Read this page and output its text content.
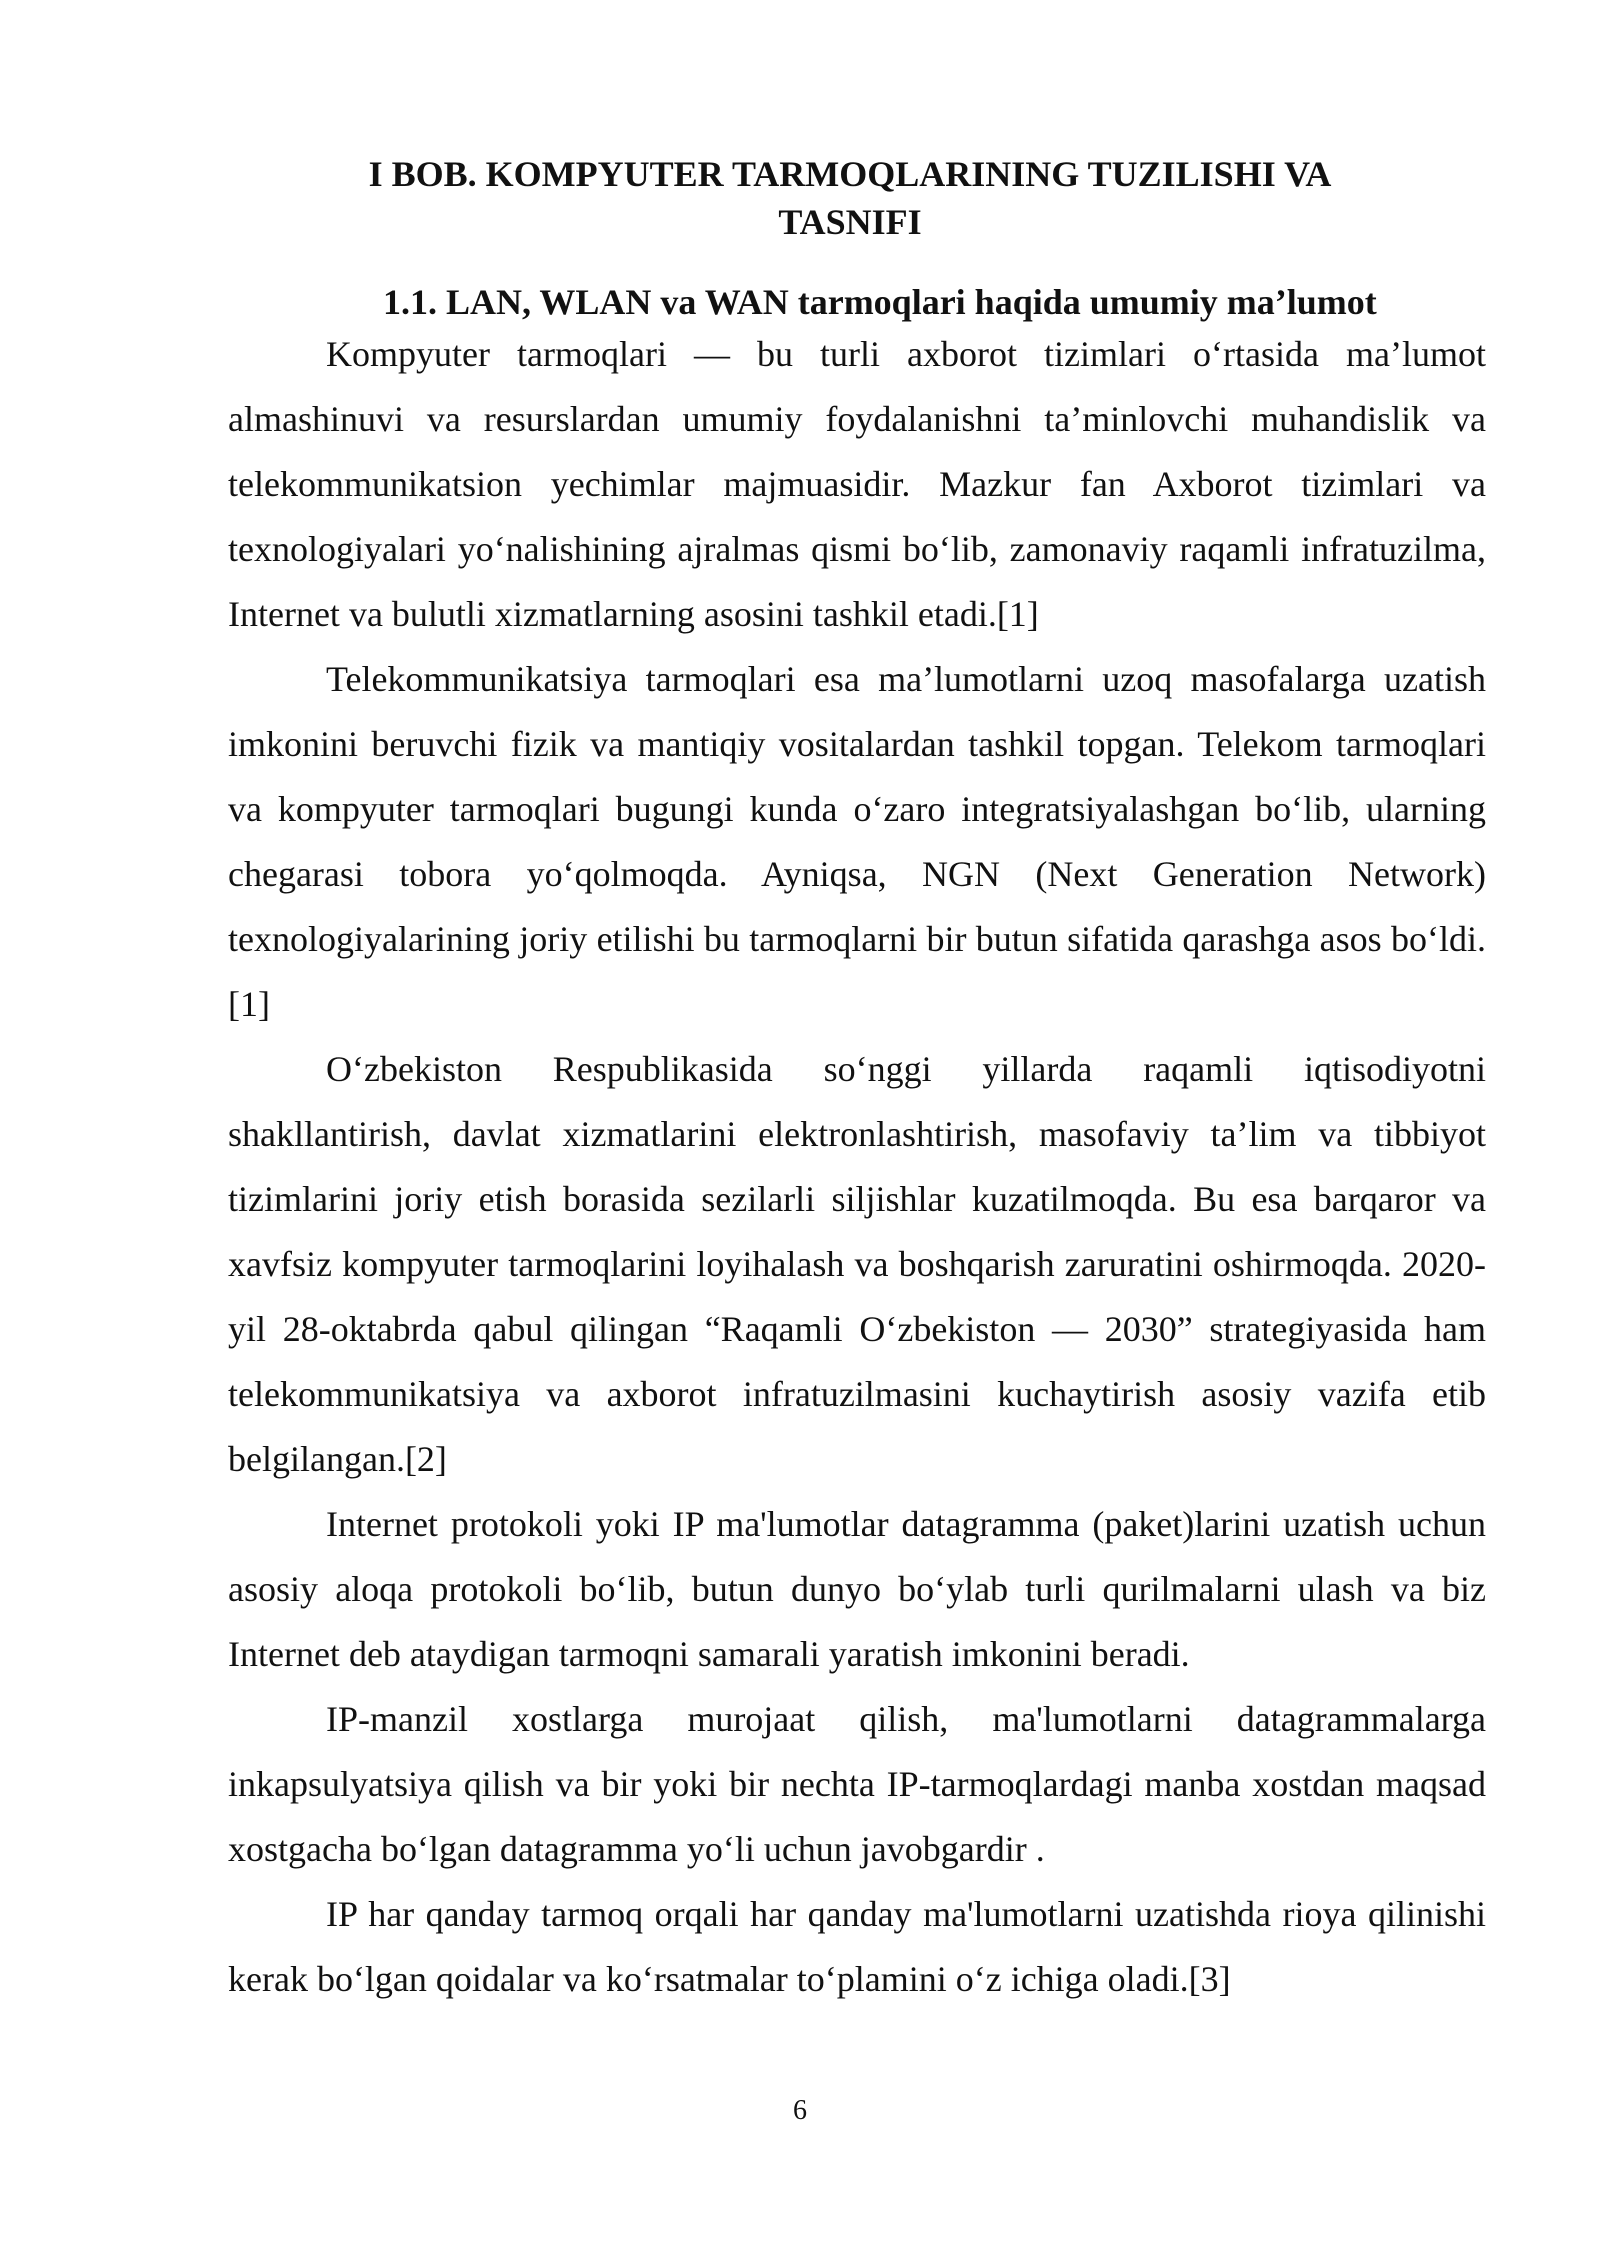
I BOB. KOMPYUTER TARMOQLARINING TUZILISHI VA TASNIFI
1.1. LAN, WLAN va WAN tarmoqlari haqida umumiy ma’lumot

Kompyuter tarmoqlari — bu turli axborot tizimlari o‘rtasida ma’lumot almashinuvi va resurslardan umumiy foydalanishni ta’minlovchi muhandislik va telekommunikatsion yechimlar majmuasidir. Mazkur fan Axborot tizimlari va texnologiyalari yo‘nalishining ajralmas qismi bo‘lib, zamonaviy raqamli infratuzilma, Internet va bulutli xizmatlarning asosini tashkil etadi.[1]

Telekommunikatsiya tarmoqlari esa ma’lumotlarni uzoq masofalarga uzatish imkonini beruvchi fizik va mantiqiy vositalardan tashkil topgan. Telekom tarmoqlari va kompyuter tarmoqlari bugungi kunda o‘zaro integratsiyalashgan bo‘lib, ularning chegarasi tobora yo‘qolmoqda. Ayniqsa, NGN (Next Generation Network) texnologiyalarining joriy etilishi bu tarmoqlarni bir butun sifatida qarashga asos bo‘ldi.[1]

O‘zbekiston Respublikasida so‘nggi yillarda raqamli iqtisodiyotni shakllantirish, davlat xizmatlarini elektronlashtirish, masofaviy ta’lim va tibbiyot tizimlarini joriy etish borasida sezilarli siljishlar kuzatilmoqda. Bu esa barqaror va xavfsiz kompyuter tarmoqlarini loyihalash va boshqarish zaruratini oshirmoqda. 2020-yil 28-oktabrda qabul qilingan “Raqamli O‘zbekiston — 2030” strategiyasida ham telekommunikatsiya va axborot infratuzilmasini kuchaytirish asosiy vazifa etib belgilangan.[2]

Internet protokoli yoki IP ma'lumotlar datagramma (paket)larini uzatish uchun asosiy aloqa protokoli bo‘lib, butun dunyo bo‘ylab turli qurilmalarni ulash va biz Internet deb ataydigan tarmoqni samarali yaratish imkonini beradi.

IP-manzil xostlarga murojaat qilish, ma'lumotlarni datagrammalarga inkapsulyatsiya qilish va bir yoki bir nechta IP-tarmoqlardagi manba xostdan maqsad xostgacha bo‘lgan datagramma yo‘li uchun javobgardir .

IP har qanday tarmoq orqali har qanday ma'lumotlarni uzatishda rioya qilinishi kerak bo‘lgan qoidalar va ko‘rsatmalar to‘plamini o‘z ichiga oladi.[3]

6
